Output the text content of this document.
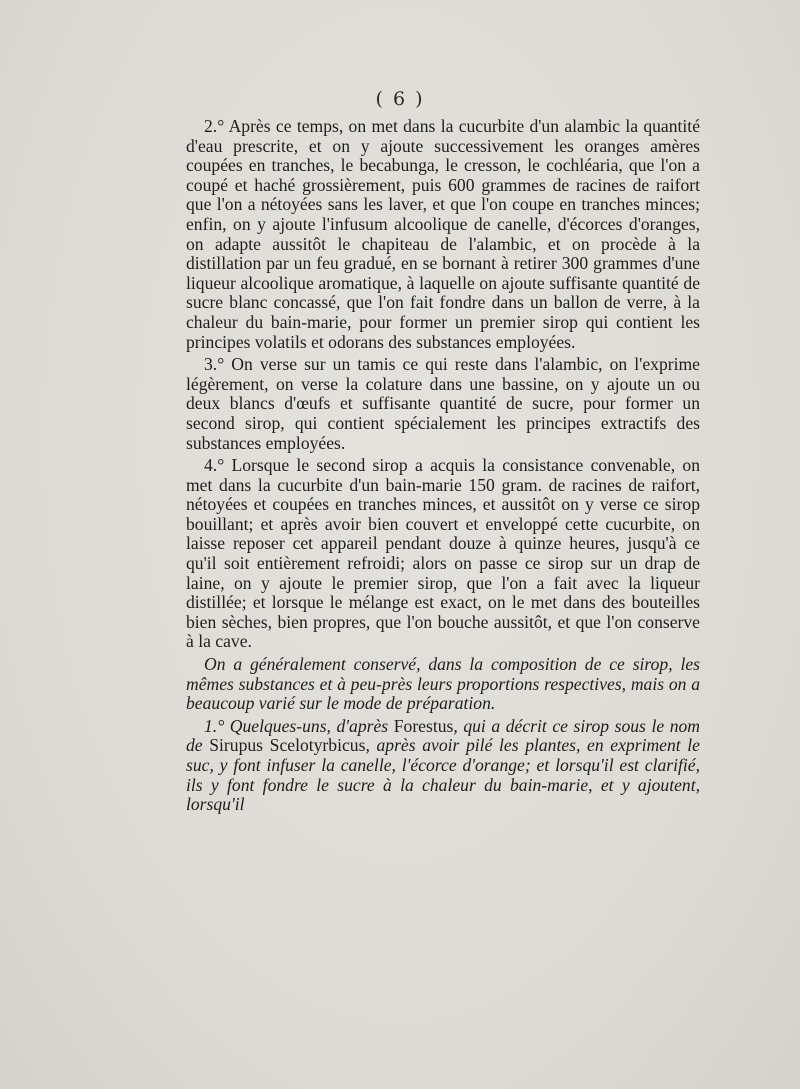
( 6 )

2.° Après ce temps, on met dans la cucurbite d'un alambic la quantité d'eau prescrite, et on y ajoute successivement les oranges amères coupées en tranches, le becabunga, le cresson, le cochléaria, que l'on a coupé et haché grossièrement, puis 600 grammes de racines de raifort que l'on a nétoyées sans les laver, et que l'on coupe en tranches minces; enfin, on y ajoute l'infusum alcoolique de canelle, d'écorces d'oranges, on adapte aussitôt le chapiteau de l'alambic, et on procède à la distillation par un feu gradué, en se bornant à retirer 300 grammes d'une liqueur alcoolique aromatique, à laquelle on ajoute suffisante quantité de sucre blanc concassé, que l'on fait fondre dans un ballon de verre, à la chaleur du bain-marie, pour former un premier sirop qui contient les principes volatils et odorans des substances employées.

3.° On verse sur un tamis ce qui reste dans l'alambic, on l'exprime légèrement, on verse la colature dans une bassine, on y ajoute un ou deux blancs d'œufs et suffisante quantité de sucre, pour former un second sirop, qui contient spécialement les principes extractifs des substances employées.

4.° Lorsque le second sirop a acquis la consistance convenable, on met dans la cucurbite d'un bain-marie 150 gram. de racines de raifort, nétoyées et coupées en tranches minces, et aussitôt on y verse ce sirop bouillant; et après avoir bien couvert et enveloppé cette cucurbite, on laisse reposer cet appareil pendant douze à quinze heures, jusqu'à ce qu'il soit entièrement refroidi; alors on passe ce sirop sur un drap de laine, on y ajoute le premier sirop, que l'on a fait avec la liqueur distillée; et lorsque le mélange est exact, on le met dans des bouteilles bien sèches, bien propres, que l'on bouche aussitôt, et que l'on conserve à la cave.

On a généralement conservé, dans la composition de ce sirop, les mêmes substances et à peu-près leurs proportions respectives, mais on a beaucoup varié sur le mode de préparation.

1.° Quelques-uns, d'après Forestus, qui a décrit ce sirop sous le nom de Sirupus Scelotyrbicus, après avoir pilé les plantes, en expriment le suc, y font infuser la canelle, l'écorce d'orange; et lorsqu'il est clarifié, ils y font fondre le sucre à la chaleur du bain-marie, et y ajoutent, lorsqu'il
